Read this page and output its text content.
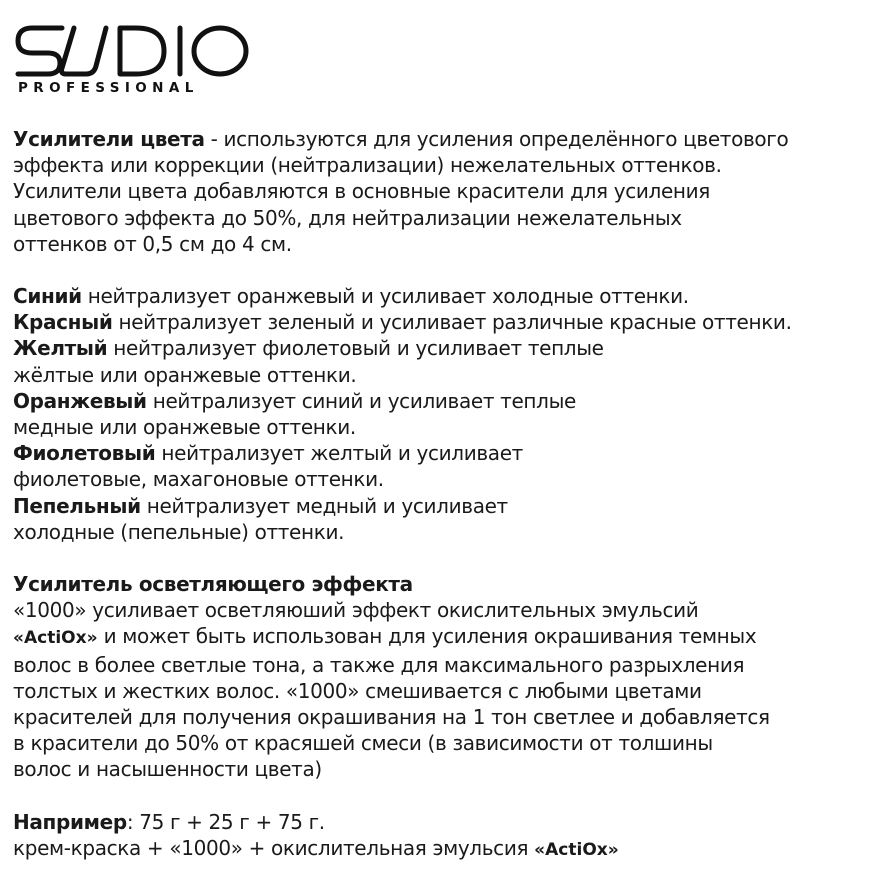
PROFESSIONAL

Усилители цвета - используются для усиления определённого цветового

эффекта или коррекции (нейтрализации) нежелательных оттенков.

Усилители цвета добавляются в основные красители для усиления

цветового эффекта до 50%, для нейтрализации нежелательных

оттенков от 0,5 см до 4 см.

Синий нейтрализует оранжевый и усиливает холодные оттенки.

Красный нейтрализует зеленый и усиливает различные красные оттенки.

Желтый нейтрализует фиолетовый и усиливает теплые

жёлтые или оранжевые оттенки.

Оранжевый нейтрализует синий и усиливает теплые

медные или оранжевые оттенки.

Фиолетовый нейтрализует желтый и усиливает

фиолетовые, махагоновые оттенки.

Пепельный нейтрализует медный и усиливает

холодные (пепельные) оттенки.

Усилитель осветляющего эффекта

«1000» усиливает осветляюший эффект окислительных эмульсий

«ActiOx» и может быть использован для усиления окрашивания темных

волос в более светлые тона, а также для максимального разрыхления

толстых и жестких волос. «1000» смешивается с любыми цветами

красителей для получения окрашивания на 1 тон светлее и добавляется

в красители до 50% от красяшей смеси (в зависимости от толшины

волос и насышенности цвета)

Например: 75 г + 25 г + 75 г.

крем-краска + «1000» + окислительная эмульсия «ActiOx»
